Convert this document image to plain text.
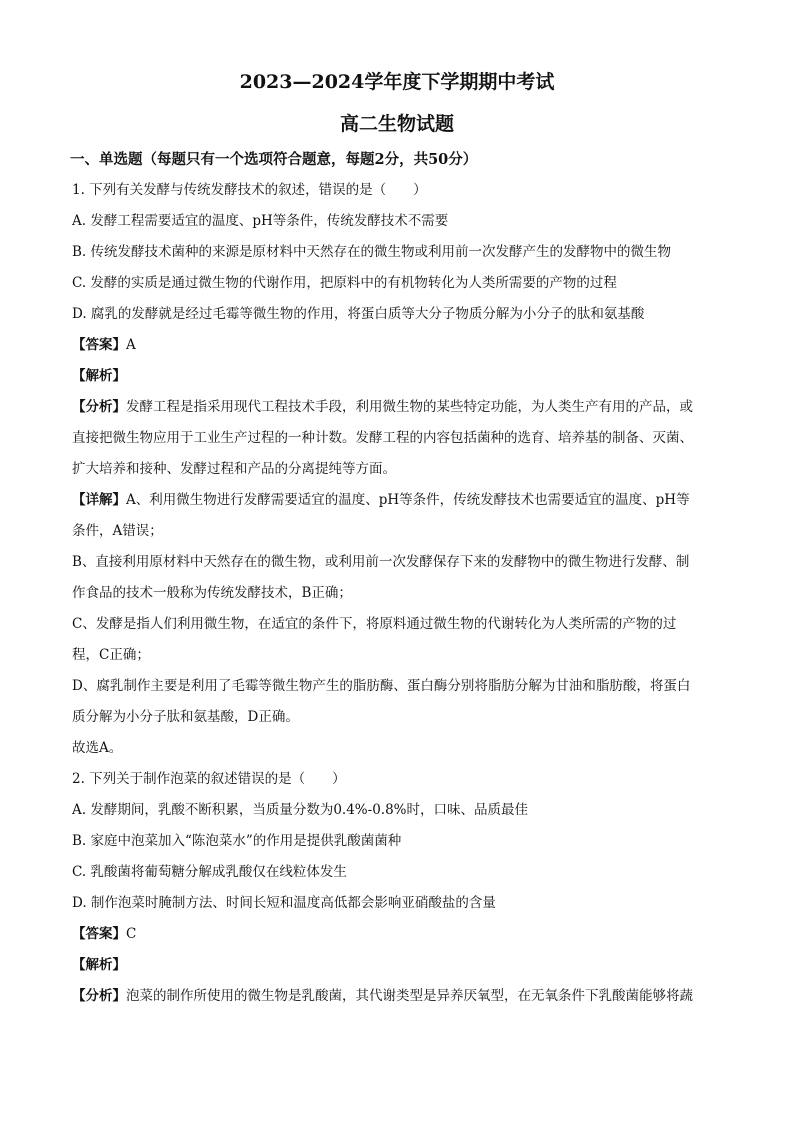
2023—2024学年度下学期期中考试
高二生物试题
一、单选题（每题只有一个选项符合题意，每题2分，共50分）
1. 下列有关发酵与传统发酵技术的叙述，错误的是（　　）
A. 发酵工程需要适宜的温度、pH等条件，传统发酵技术不需要
B. 传统发酵技术菌种的来源是原材料中天然存在的微生物或利用前一次发酵产生的发酵物中的微生物
C. 发酵的实质是通过微生物的代谢作用，把原料中的有机物转化为人类所需要的产物的过程
D. 腐乳的发酵就是经过毛霉等微生物的作用，将蛋白质等大分子物质分解为小分子的肽和氨基酸
【答案】A
【解析】
【分析】发酵工程是指采用现代工程技术手段，利用微生物的某些特定功能，为人类生产有用的产品，或
直接把微生物应用于工业生产过程的一种计数。发酵工程的内容包括菌种的选育、培养基的制备、灭菌、
扩大培养和接种、发酵过程和产品的分离提纯等方面。
【详解】A、利用微生物进行发酵需要适宜的温度、pH等条件，传统发酵技术也需要适宜的温度、pH等
条件，A错误；
B、直接利用原材料中天然存在的微生物，或利用前一次发酵保存下来的发酵物中的微生物进行发酵、制
作食品的技术一般称为传统发酵技术，B正确；
C、发酵是指人们利用微生物，在适宜的条件下，将原料通过微生物的代谢转化为人类所需的产物的过
程，C正确；
D、腐乳制作主要是利用了毛霉等微生物产生的脂肪酶、蛋白酶分别将脂肪分解为甘油和脂肪酸，将蛋白
质分解为小分子肽和氨基酸，D正确。
故选A。
2. 下列关于制作泡菜的叙述错误的是（　　）
A. 发酵期间，乳酸不断积累，当质量分数为0.4%-0.8%时，口味、品质最佳
B. 家庭中泡菜加入“陈泡菜水”的作用是提供乳酸菌菌种
C. 乳酸菌将葡萄糖分解成乳酸仅在线粒体发生
D. 制作泡菜时腌制方法、时间长短和温度高低都会影响亚硝酸盐的含量
【答案】C
【解析】
【分析】泡菜的制作所使用的微生物是乳酸菌，其代谢类型是异养厌氧型，在无氧条件下乳酸菌能够将蔬
